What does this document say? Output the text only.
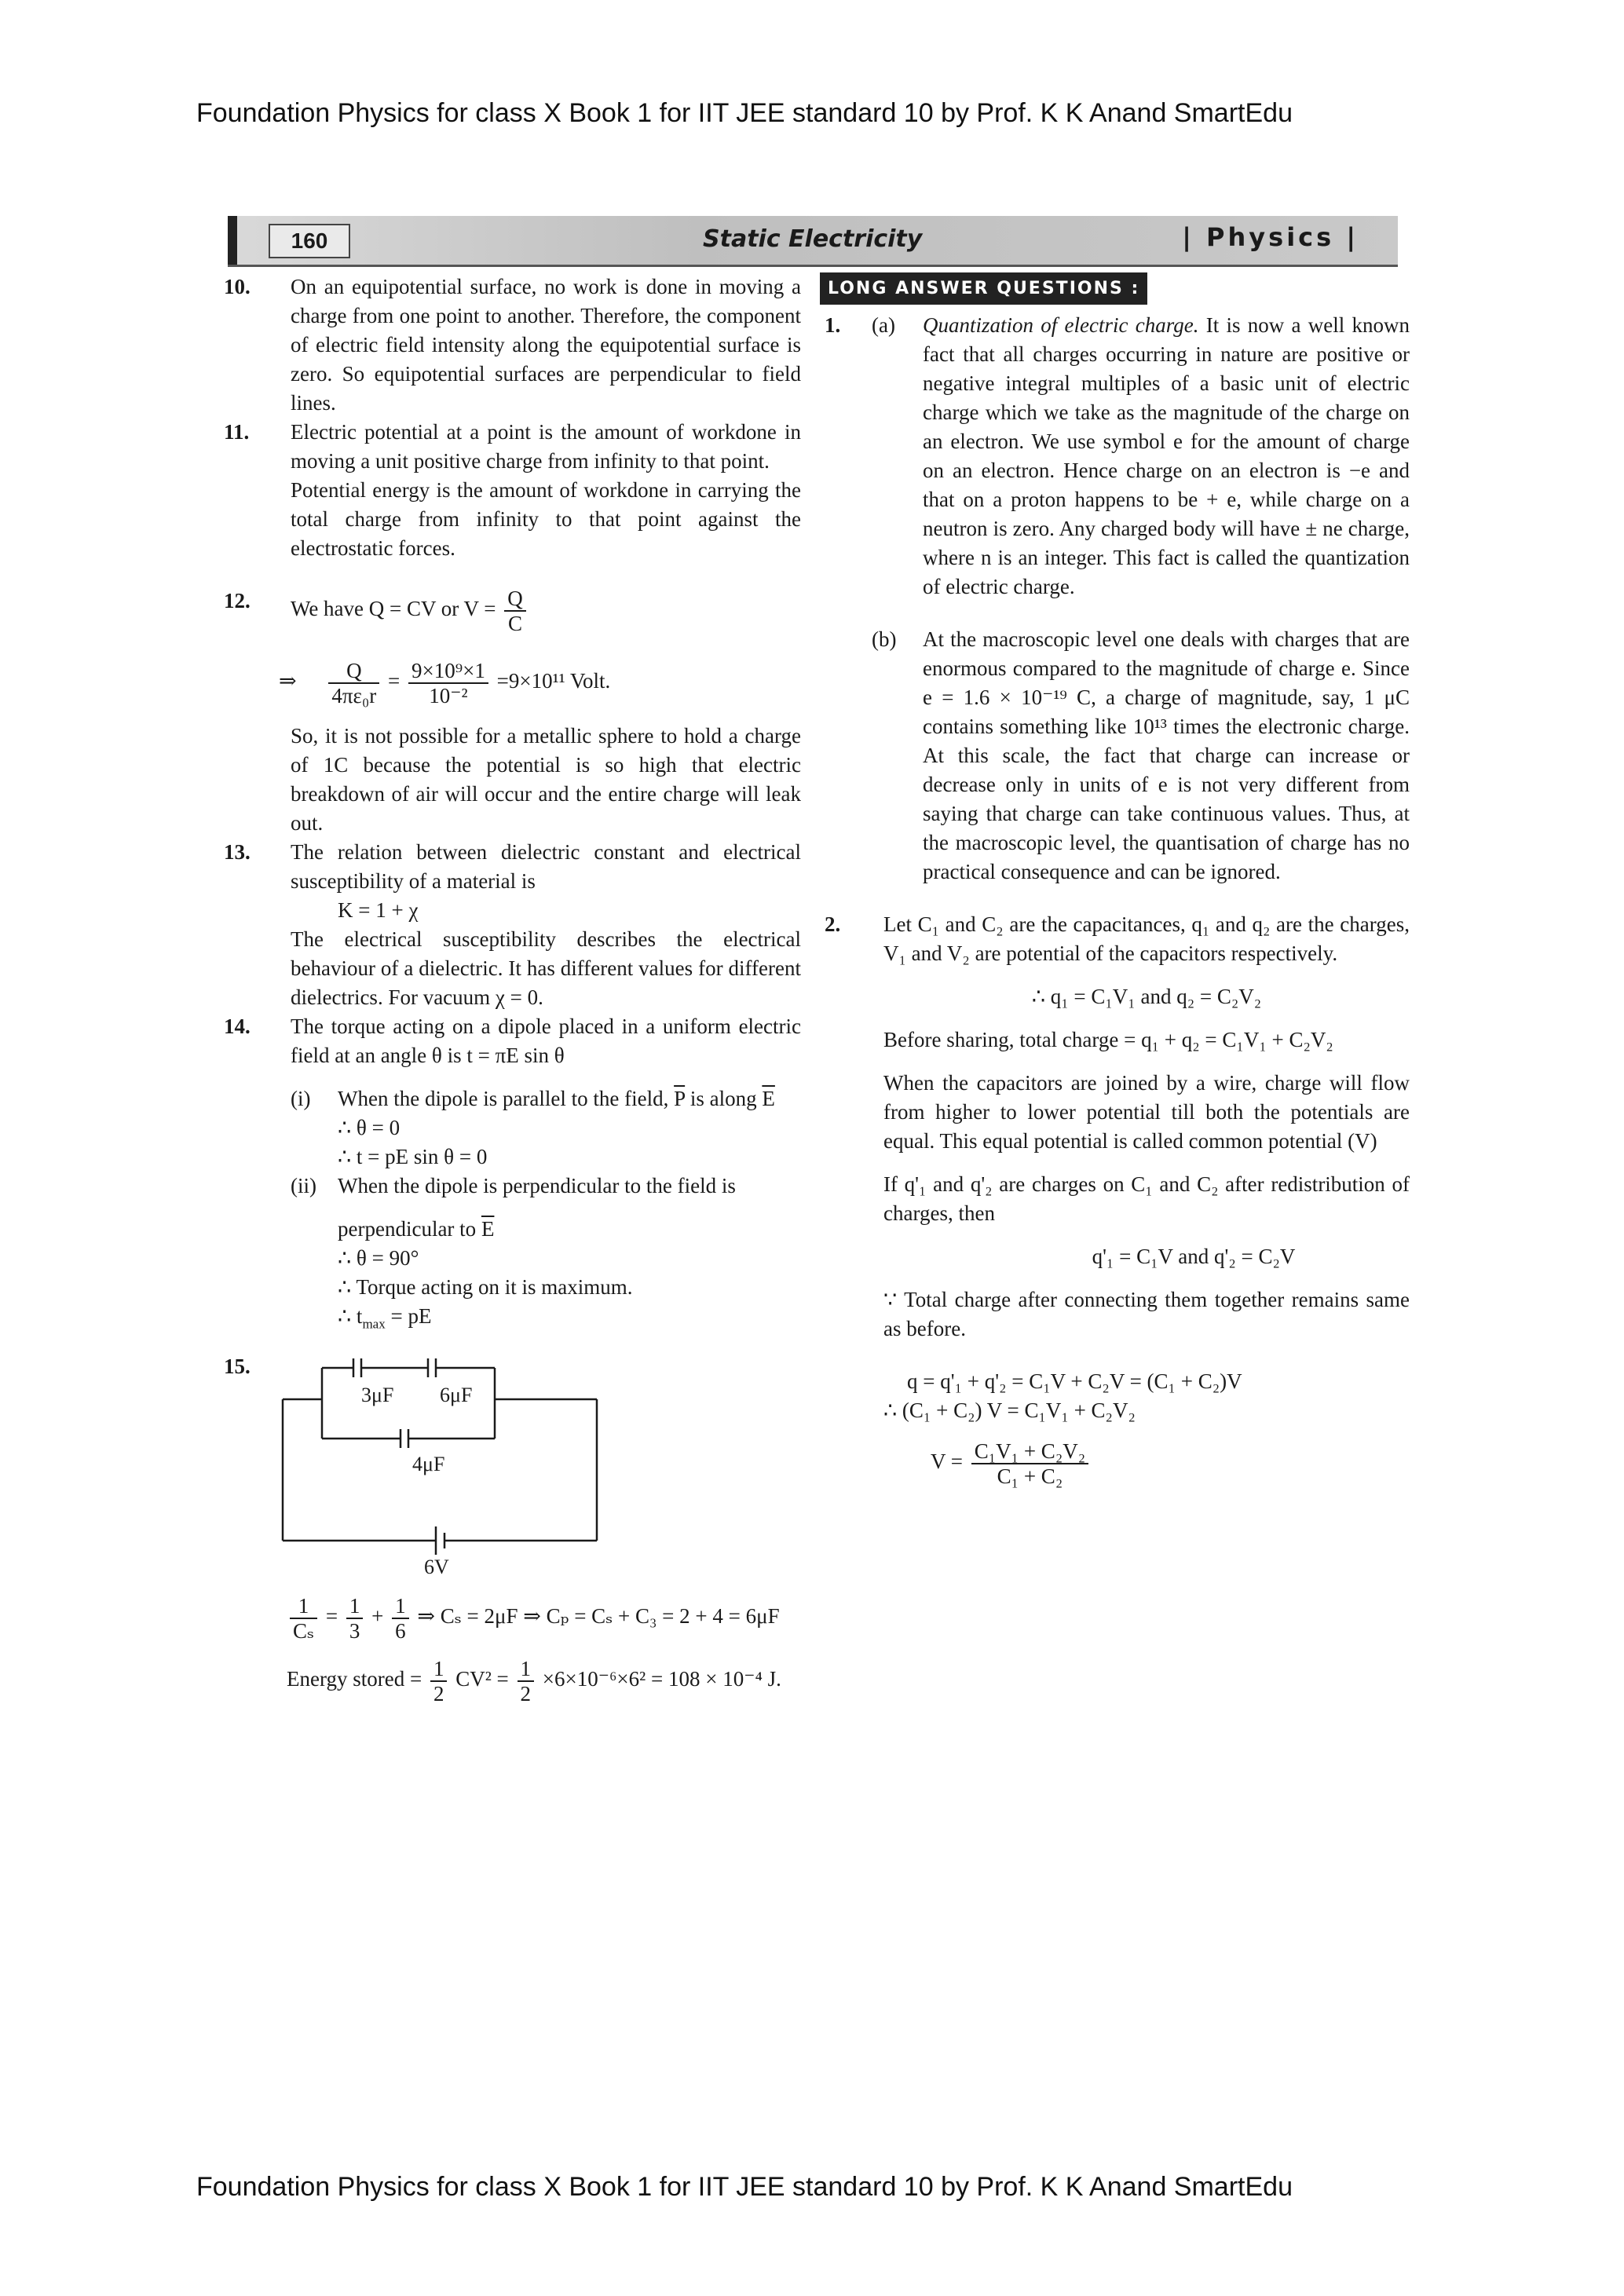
Foundation Physics for class X Book 1 for IIT JEE standard 10 by Prof. K K Anand SmartEdu
160	Static Electricity	| Physics |
10. On an equipotential surface, no work is done in moving a charge from one point to another. Therefore, the component of electric field intensity along the equipotential surface is zero. So equipotential surfaces are perpendicular to field lines.

11. Electric potential at a point is the amount of workdone in moving a unit positive charge from infinity to that point.

Potential energy is the amount of workdone in carrying the total charge from infinity to that point against the electrostatic forces.

12. We have Q = CV or $V = \frac{Q}{C}$
⇒ $\frac{Q}{\text{4πε₀r}} = \frac{\text{9×10⁹×1}}{\text{10⁻²}} =9\times 10^{11}$ Volt.

So, it is not possible for a metallic sphere to hold a charge of 1C because the potential is so high that electric breakdown of air will occur and the entire charge will leak out.

13. The relation between dielectric constant and electrical susceptibility of a material is

K = 1 + χ

The electrical susceptibility describes the electrical behaviour of a dielectric. It has different values for different dielectrics. For vacuum χ = 0.

14. The torque acting on a dipole placed in a uniform electric field at an angle θ is t = πE sin θ

(i) When the dipole is parallel to the field, $\overline{P}$ is along $\overline{E}$
∴ θ = 0
∴ t = pE sin θ = 0
(ii) When the dipole is perpendicular to the field is
perpendicular to $\overline{E}$
∴ θ = 90°
∴ Torque acting on it is maximum.
∴ $t_{max}$ = pE
15.
3μF 6μF
4μF
6V
$\frac{1}{\text{Cₛ}} = \frac{1}{3} + \frac{1}{6}$ ⇒ Cₛ = 2μF ⇒ Cₚ = Cₛ + C₃ = 2 + 4 = 6μF
Energy stored = $\frac{1}{2} CV^2 = \frac{1}{2} \times 6\times 10^{-6}\times 6^2 = 108 \times 10^{-4}$ J.
LONG ANSWER QUESTIONS :
1. (a) Quantization of electric charge. It is now a well known fact that all charges occurring in nature are positive or negative integral multiples of a basic unit of electric charge which we take as the magnitude of the charge on an electron. We use symbol e for the amount of charge on an electron. Hence charge on an electron is −e and that on a proton happens to be + e, while charge on a neutron is zero. Any charged body will have ± ne charge, where n is an integer. This fact is called the quantization of electric charge.

(b) At the macroscopic level one deals with charges that are enormous compared to the magnitude of charge e. Since e = 1.6 × 10⁻¹⁹ C, a charge of magnitude, say, 1 μC contains something like 10¹³ times the electronic charge. At this scale, the fact that charge can increase or decrease only in units of e is not very different from saying that charge can take continuous values. Thus, at the macroscopic level, the quantisation of charge has no practical consequence and can be ignored.

2. Let C₁ and C₂ are the capacitances, q₁ and q₂ are the charges, V₁ and V₂ are potential of the capacitors respectively.

∴ q₁ = C₁V₁ and q₂ = C₂V₂

Before sharing, total charge = q₁ + q₂ = C₁V₁ + C₂V₂

When the capacitors are joined by a wire, charge will flow from higher to lower potential till both the potentials are equal. This equal potential is called common potential (V)

If q'₁ and q'₂ are charges on C₁ and C₂ after redistribution of charges, then

q'₁ = C₁V and q'₂ = C₂V

∵ Total charge after connecting them together remains same as before.

q = q'₁ + q'₂ = C₁V + C₂V = (C₁ + C₂)V
∴ (C₁ + C₂) V = C₁V₁ + C₂V₂
$V = \frac{\text{C₁V₁ + C₂V₂}}{\text{C₁ + C₂}}$
Foundation Physics for class X Book 1 for IIT JEE standard 10 by Prof. K K Anand SmartEdu
